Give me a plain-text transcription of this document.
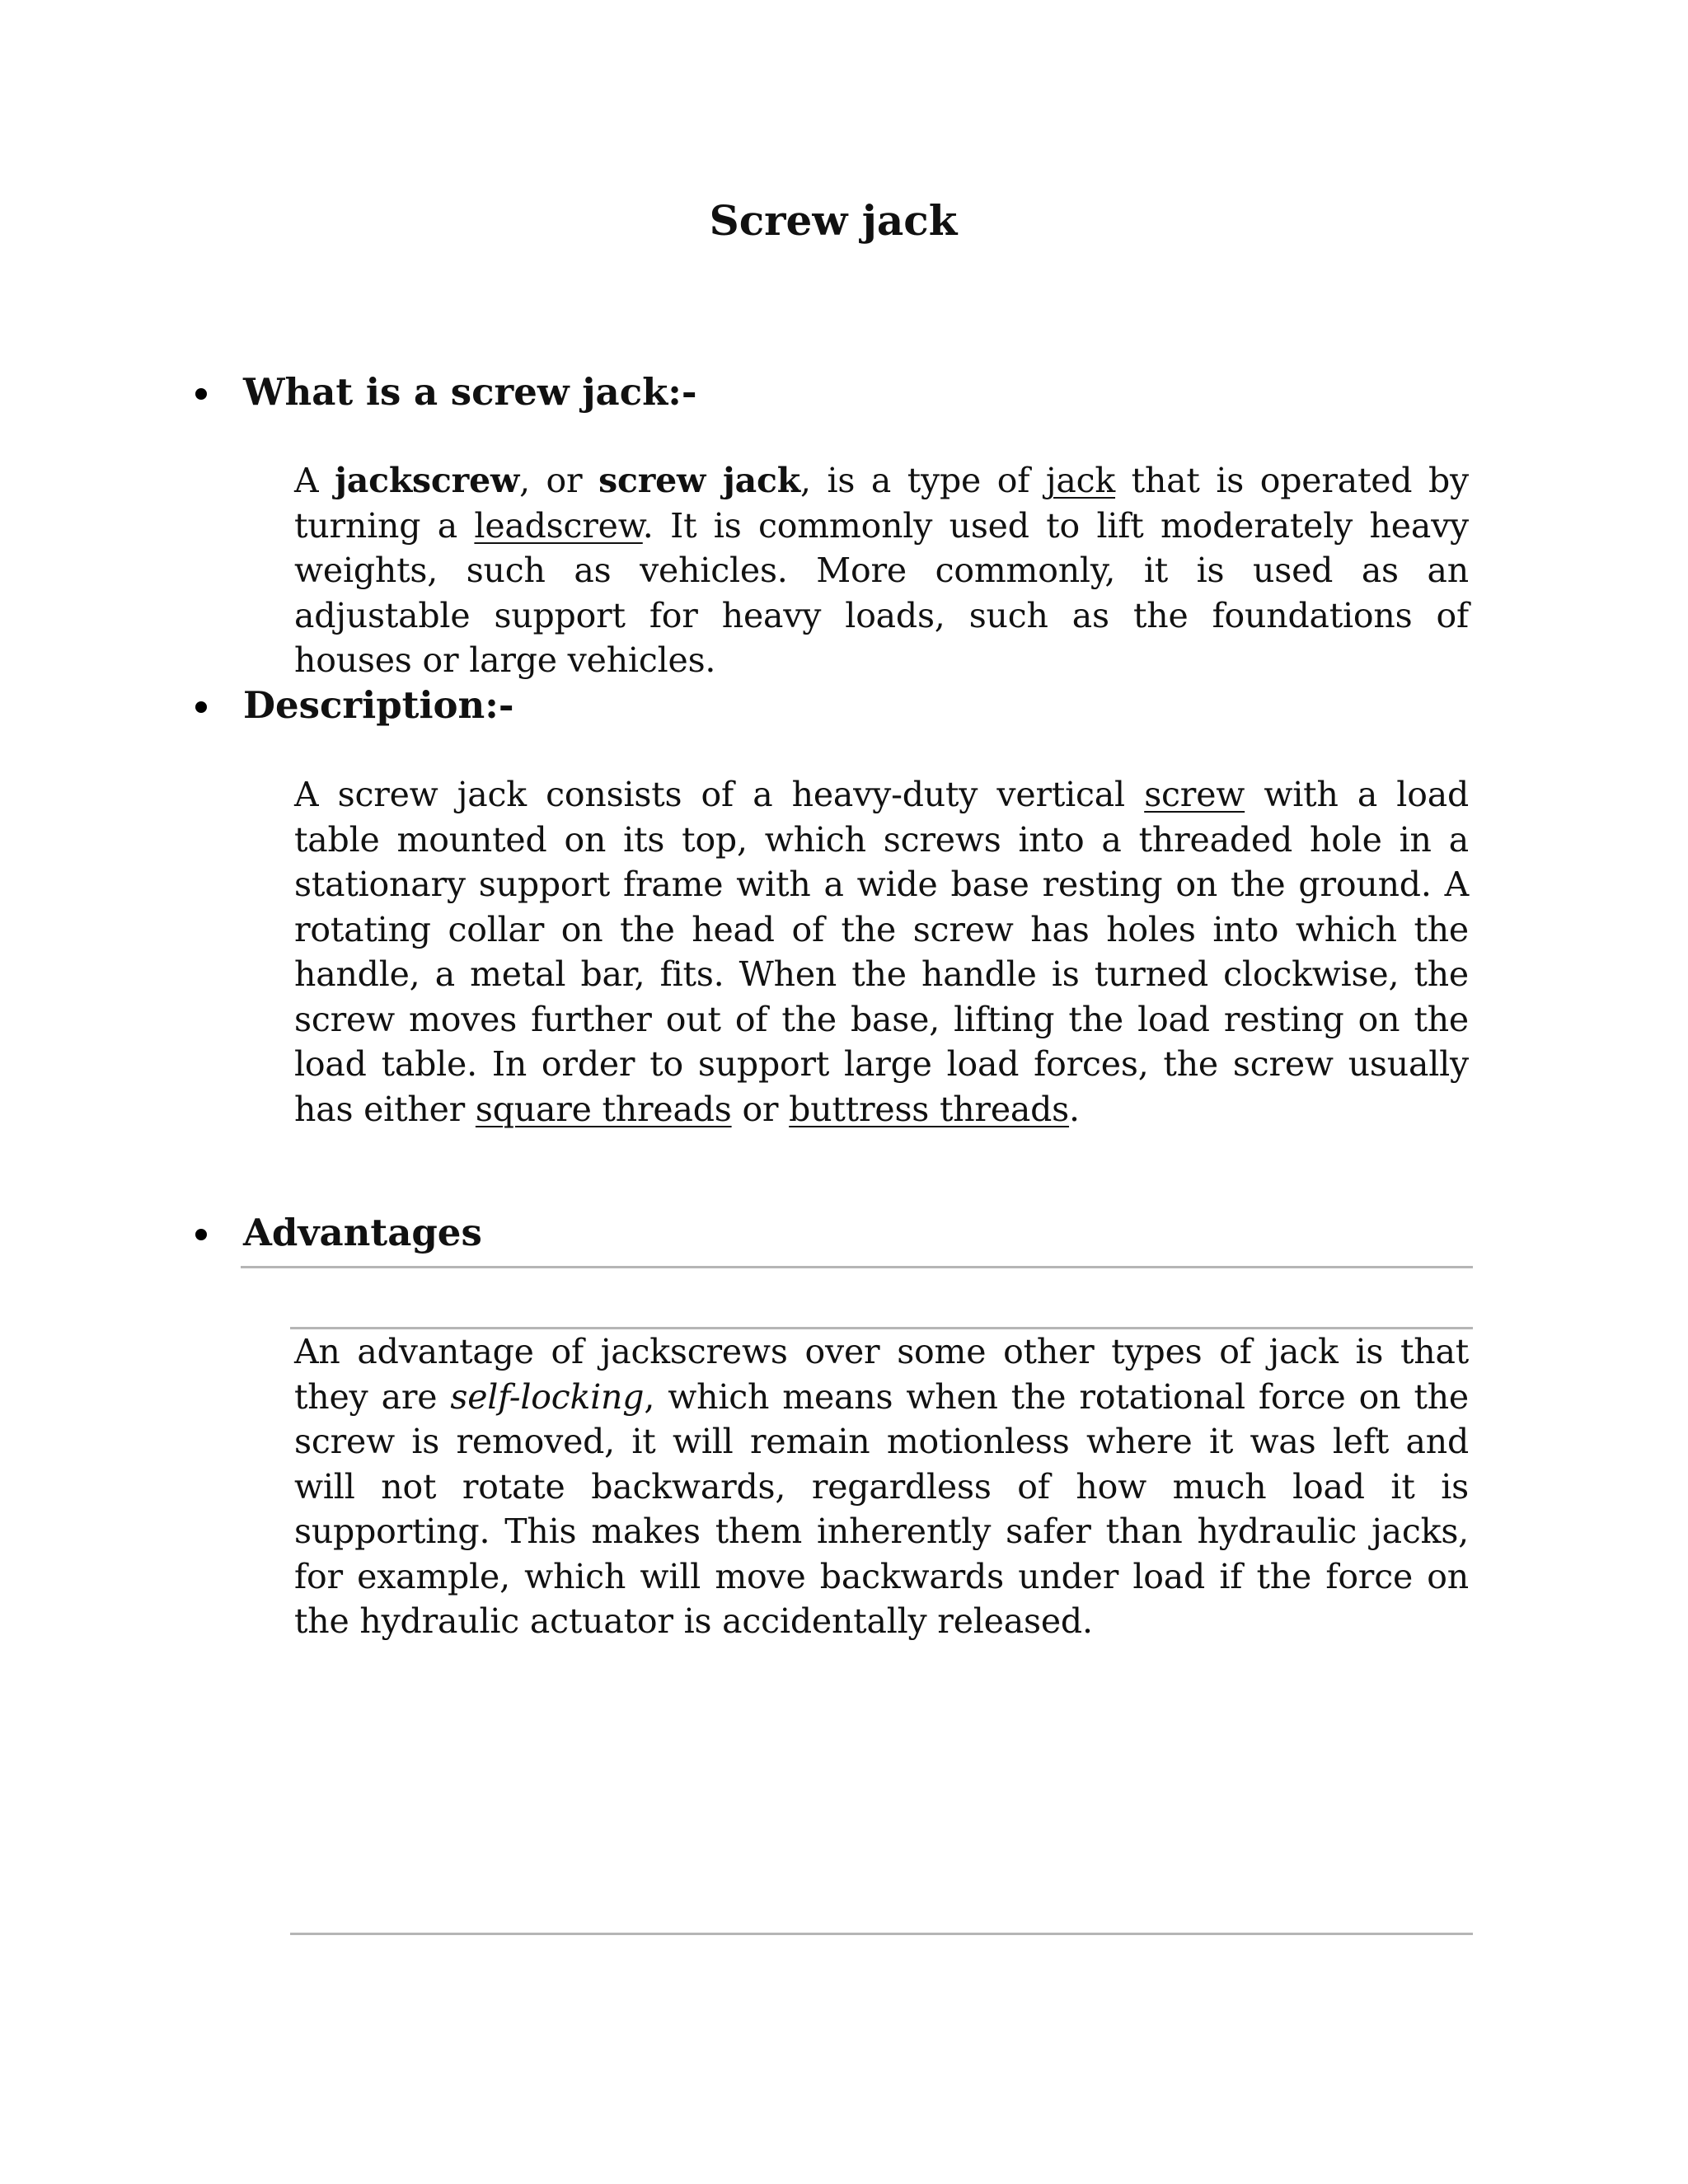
Screw jack
What is a screw jack:-
A jackscrew, or screw jack, is a type of jack that is operated by turning a leadscrew. It is commonly used to lift moderately heavy weights, such as vehicles. More commonly, it is used as an adjustable support for heavy loads, such as the foundations of houses or large vehicles.
Description:-
A screw jack consists of a heavy-duty vertical screw with a load table mounted on its top, which screws into a threaded hole in a stationary support frame with a wide base resting on the ground. A rotating collar on the head of the screw has holes into which the handle, a metal bar, fits. When the handle is turned clockwise, the screw moves further out of the base, lifting the load resting on the load table. In order to support large load forces, the screw usually has either square threads or buttress threads.
Advantages
An advantage of jackscrews over some other types of jack is that they are self-locking, which means when the rotational force on the screw is removed, it will remain motionless where it was left and will not rotate backwards, regardless of how much load it is supporting. This makes them inherently safer than hydraulic jacks, for example, which will move backwards under load if the force on the hydraulic actuator is accidentally released.
